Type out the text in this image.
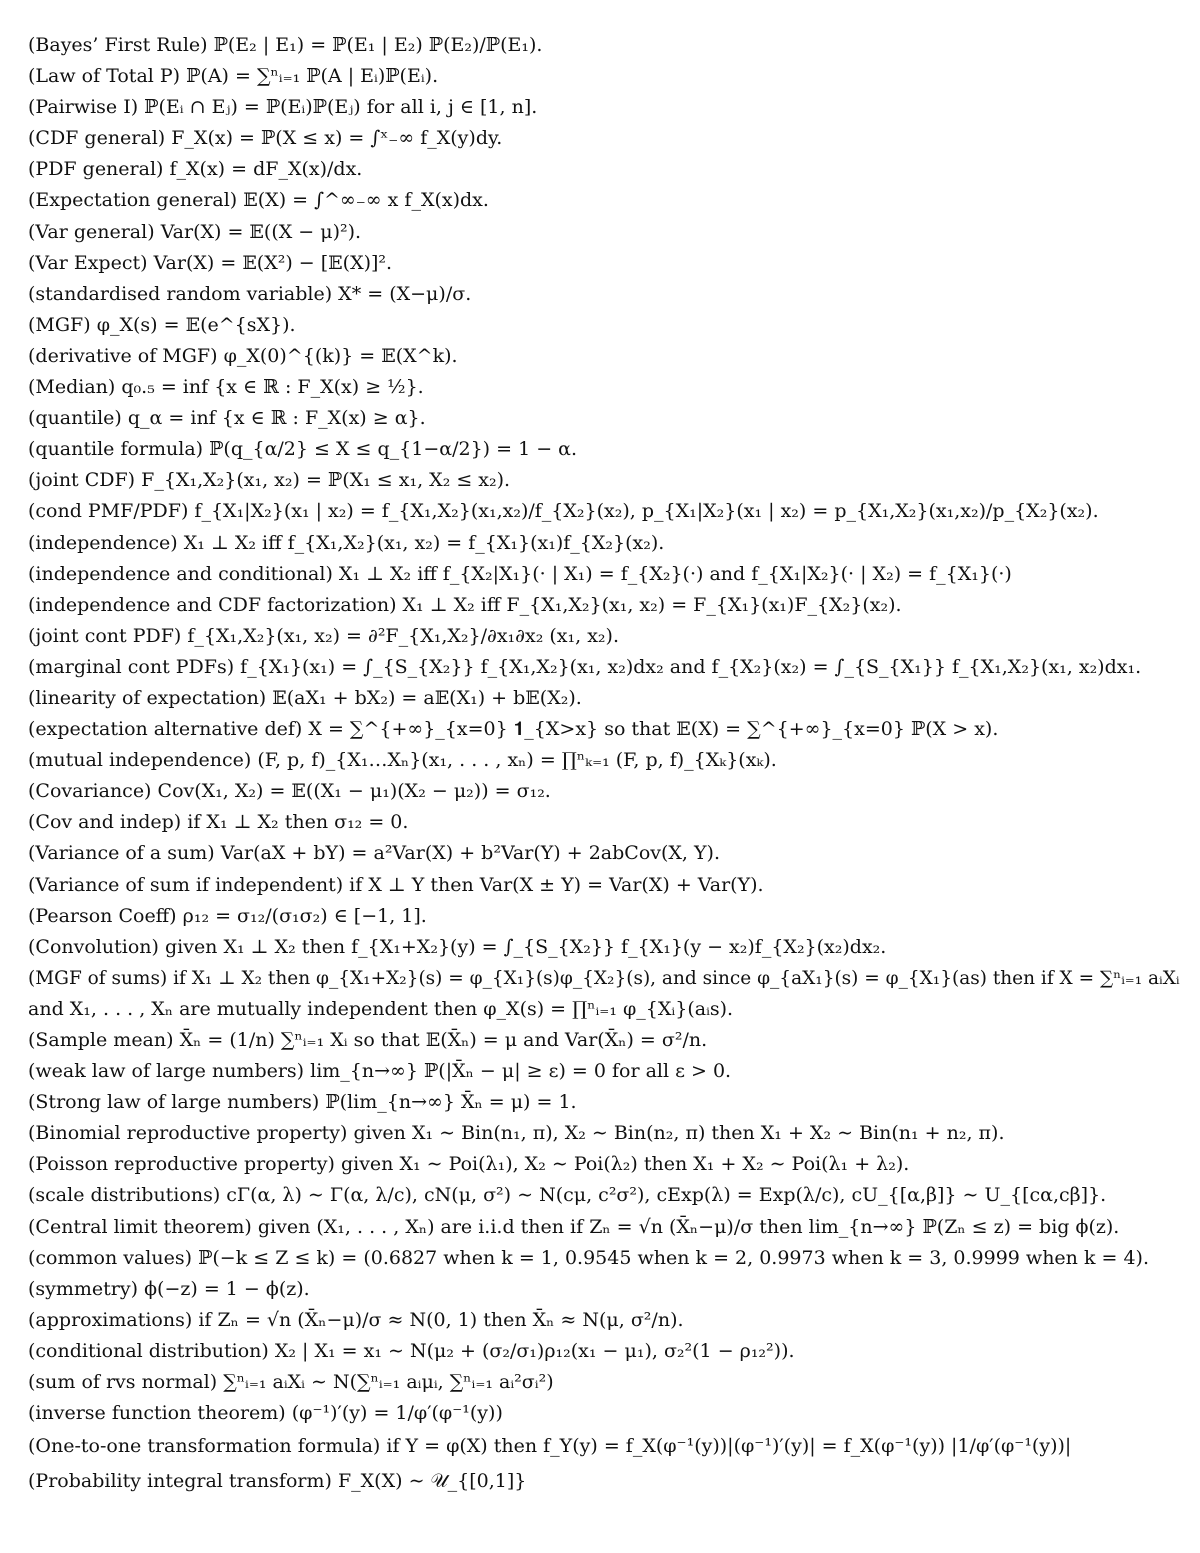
(Bayes’ First Rule) ℙ(E₂ | E₁) = ℙ(E₁ | E₂) ℙ(E₂)/ℙ(E₁).
(Law of Total P) ℙ(A) = ∑ⁿᵢ₌₁ ℙ(A | Eᵢ)ℙ(Eᵢ).
(Pairwise I) ℙ(Eᵢ ∩ Eⱼ) = ℙ(Eᵢ)ℙ(Eⱼ) for all i, j ∈ [1, n].
(CDF general) F_X(x) = ℙ(X ≤ x) = ∫ˣ₋∞ f_X(y)dy.
(PDF general) f_X(x) = dF_X(x)/dx.
(Expectation general) 𝔼(X) = ∫^∞₋∞ x f_X(x)dx.
(Var general) Var(X) = 𝔼((X − μ)²).
(Var Expect) Var(X) = 𝔼(X²) − [𝔼(X)]².
(standardised random variable) X* = (X−μ)/σ.
(MGF) φ_X(s) = 𝔼(e^{sX}).
(derivative of MGF) φ_X(0)^{(k)} = 𝔼(X^k).
(Median) q₀.₅ = inf {x ∈ ℝ : F_X(x) ≥ ½}.
(quantile) q_α = inf {x ∈ ℝ : F_X(x) ≥ α}.
(quantile formula) ℙ(q_{α/2} ≤ X ≤ q_{1−α/2}) = 1 − α.
(joint CDF) F_{X₁,X₂}(x₁, x₂) = ℙ(X₁ ≤ x₁, X₂ ≤ x₂).
(cond PMF/PDF) f_{X₁|X₂}(x₁ | x₂) = f_{X₁,X₂}(x₁,x₂)/f_{X₂}(x₂), p_{X₁|X₂}(x₁ | x₂) = p_{X₁,X₂}(x₁,x₂)/p_{X₂}(x₂).
(independence) X₁ ⊥ X₂ iff f_{X₁,X₂}(x₁, x₂) = f_{X₁}(x₁)f_{X₂}(x₂).
(independence and conditional) X₁ ⊥ X₂ iff f_{X₂|X₁}(· | X₁) = f_{X₂}(·) and f_{X₁|X₂}(· | X₂) = f_{X₁}(·)
(independence and CDF factorization) X₁ ⊥ X₂ iff F_{X₁,X₂}(x₁, x₂) = F_{X₁}(x₁)F_{X₂}(x₂).
(joint cont PDF) f_{X₁,X₂}(x₁, x₂) = ∂²F_{X₁,X₂}/∂x₁∂x₂ (x₁, x₂).
(marginal cont PDFs) f_{X₁}(x₁) = ∫_{S_{X₂}} f_{X₁,X₂}(x₁, x₂)dx₂ and f_{X₂}(x₂) = ∫_{S_{X₁}} f_{X₁,X₂}(x₁, x₂)dx₁.
(linearity of expectation) 𝔼(aX₁ + bX₂) = a𝔼(X₁) + b𝔼(X₂).
(expectation alternative def) X = ∑^{+∞}_{x=0} 𝟏_{X>x} so that 𝔼(X) = ∑^{+∞}_{x=0} ℙ(X > x).
(mutual independence) (F, p, f)_{X₁…Xₙ}(x₁, . . . , xₙ) = ∏ⁿₖ₌₁ (F, p, f)_{Xₖ}(xₖ).
(Covariance) Cov(X₁, X₂) = 𝔼((X₁ − μ₁)(X₂ − μ₂)) = σ₁₂.
(Cov and indep) if X₁ ⊥ X₂ then σ₁₂ = 0.
(Variance of a sum) Var(aX + bY) = a²Var(X) + b²Var(Y) + 2abCov(X, Y).
(Variance of sum if independent) if X ⊥ Y then Var(X ± Y) = Var(X) + Var(Y).
(Pearson Coeff) ρ₁₂ = σ₁₂/(σ₁σ₂) ∈ [−1, 1].
(Convolution) given X₁ ⊥ X₂ then f_{X₁+X₂}(y) = ∫_{S_{X₂}} f_{X₁}(y − x₂)f_{X₂}(x₂)dx₂.
(MGF of sums) if X₁ ⊥ X₂ then φ_{X₁+X₂}(s) = φ_{X₁}(s)φ_{X₂}(s), and since φ_{aX₁}(s) = φ_{X₁}(as) then if X = ∑ⁿᵢ₌₁ aᵢXᵢ
and X₁, . . . , Xₙ are mutually independent then φ_X(s) = ∏ⁿᵢ₌₁ φ_{Xᵢ}(aᵢs).
(Sample mean) X̄ₙ = (1/n) ∑ⁿᵢ₌₁ Xᵢ so that 𝔼(X̄ₙ) = μ and Var(X̄ₙ) = σ²/n.
(weak law of large numbers) lim_{n→∞} ℙ(|X̄ₙ − μ| ≥ ε) = 0 for all ε > 0.
(Strong law of large numbers) ℙ(lim_{n→∞} X̄ₙ = μ) = 1.
(Binomial reproductive property) given X₁ ∼ Bin(n₁, π), X₂ ∼ Bin(n₂, π) then X₁ + X₂ ∼ Bin(n₁ + n₂, π).
(Poisson reproductive property) given X₁ ∼ Poi(λ₁), X₂ ∼ Poi(λ₂) then X₁ + X₂ ∼ Poi(λ₁ + λ₂).
(scale distributions) cΓ(α, λ) ∼ Γ(α, λ/c), cN(μ, σ²) ∼ N(cμ, c²σ²), cExp(λ) = Exp(λ/c), cU_{[α,β]} ∼ U_{[cα,cβ]}.
(Central limit theorem) given (X₁, . . . , Xₙ) are i.i.d then if Zₙ = √n (X̄ₙ−μ)/σ then lim_{n→∞} ℙ(Zₙ ≤ z) = big ϕ(z).
(common values) ℙ(−k ≤ Z ≤ k) = (0.6827 when k = 1, 0.9545 when k = 2, 0.9973 when k = 3, 0.9999 when k = 4).
(symmetry) ϕ(−z) = 1 − ϕ(z).
(approximations) if Zₙ = √n (X̄ₙ−μ)/σ ≈ N(0, 1) then X̄ₙ ≈ N(μ, σ²/n).
(conditional distribution) X₂ | X₁ = x₁ ∼ N(μ₂ + (σ₂/σ₁)ρ₁₂(x₁ − μ₁), σ₂²(1 − ρ₁₂²)).
(sum of rvs normal) ∑ⁿᵢ₌₁ aᵢXᵢ ∼ N(∑ⁿᵢ₌₁ aᵢμᵢ, ∑ⁿᵢ₌₁ aᵢ²σᵢ²)
(inverse function theorem) (φ⁻¹)′(y) = 1/φ′(φ⁻¹(y))
(One-to-one transformation formula) if Y = φ(X) then f_Y(y) = f_X(φ⁻¹(y))|(φ⁻¹)′(y)| = f_X(φ⁻¹(y)) |1/φ′(φ⁻¹(y))|
(Probability integral transform) F_X(X) ∼ 𝒰_{[0,1]}
